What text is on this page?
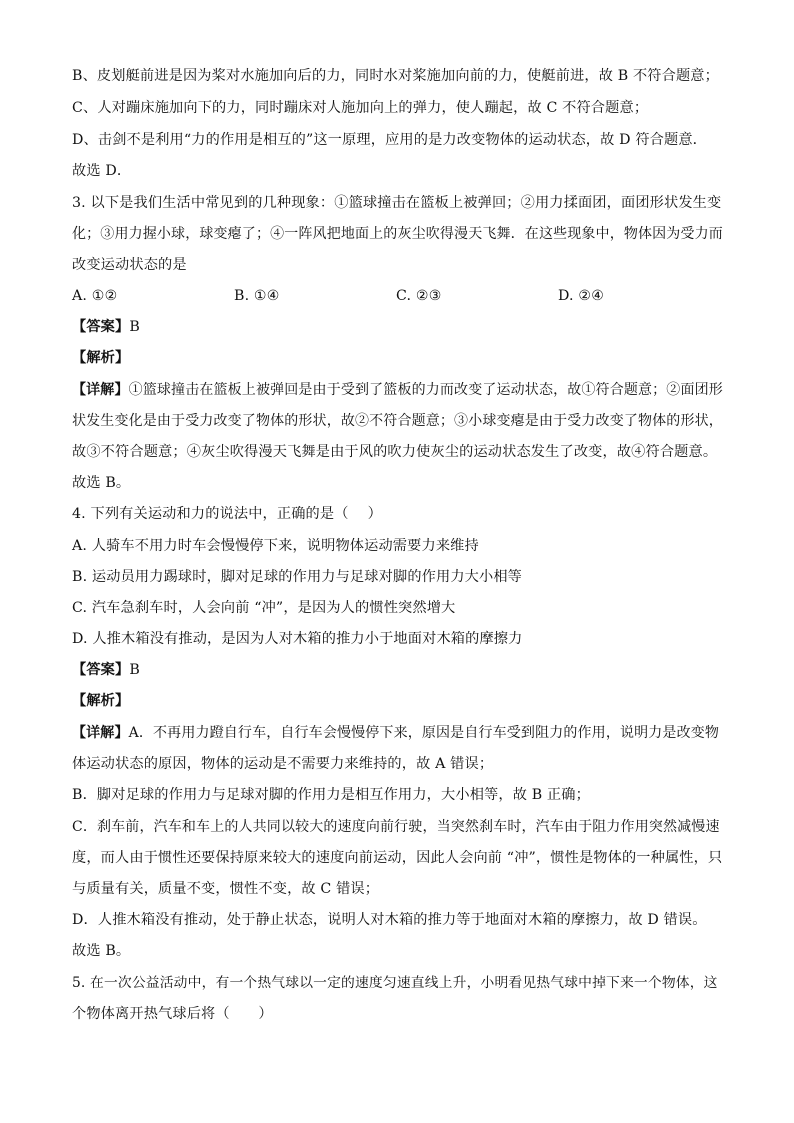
B、皮划艇前进是因为桨对水施加向后的力，同时水对桨施加向前的力，使艇前进，故 B 不符合题意；
C、人对蹦床施加向下的力，同时蹦床对人施加向上的弹力，使人蹦起，故 C 不符合题意；
D、击剑不是利用“力的作用是相互的”这一原理，应用的是力改变物体的运动状态，故 D 符合题意．
故选 D．
3. 以下是我们生活中常见到的几种现象：①篮球撞击在篮板上被弹回；②用力揉面团，面团形状发生变
化；③用力握小球，球变瘪了；④一阵风把地面上的灰尘吹得漫天飞舞．在这些现象中，物体因为受力而
改变运动状态的是
A. ①②	B. ①④	C. ②③	D. ②④
【答案】B
【解析】
【详解】①篮球撞击在篮板上被弹回是由于受到了篮板的力而改变了运动状态，故①符合题意；②面团形
状发生变化是由于受力改变了物体的形状，故②不符合题意；③小球变瘪是由于受力改变了物体的形状，
故③不符合题意；④灰尘吹得漫天飞舞是由于风的吹力使灰尘的运动状态发生了改变，故④符合题意。
故选 B。
4. 下列有关运动和力的说法中，正确的是（　 ）
A. 人骑车不用力时车会慢慢停下来，说明物体运动需要力来维持
B. 运动员用力踢球时，脚对足球的作用力与足球对脚的作用力大小相等
C. 汽车急刹车时，人会向前 “冲”，是因为人的惯性突然增大
D. 人推木箱没有推动，是因为人对木箱的推力小于地面对木箱的摩擦力
【答案】B
【解析】
【详解】A．不再用力蹬自行车，自行车会慢慢停下来，原因是自行车受到阻力的作用，说明力是改变物
体运动状态的原因，物体的运动是不需要力来维持的，故 A 错误；
B．脚对足球的作用力与足球对脚的作用力是相互作用力，大小相等，故 B 正确；
C．刹车前，汽车和车上的人共同以较大的速度向前行驶，当突然刹车时，汽车由于阻力作用突然减慢速
度，而人由于惯性还要保持原来较大的速度向前运动，因此人会向前 “冲”，惯性是物体的一种属性，只
与质量有关，质量不变，惯性不变，故 C 错误；
D．人推木箱没有推动，处于静止状态，说明人对木箱的推力等于地面对木箱的摩擦力，故 D 错误。
故选 B。
5. 在一次公益活动中，有一个热气球以一定的速度匀速直线上升，小明看见热气球中掉下来一个物体，这
个物体离开热气球后将（　　）
